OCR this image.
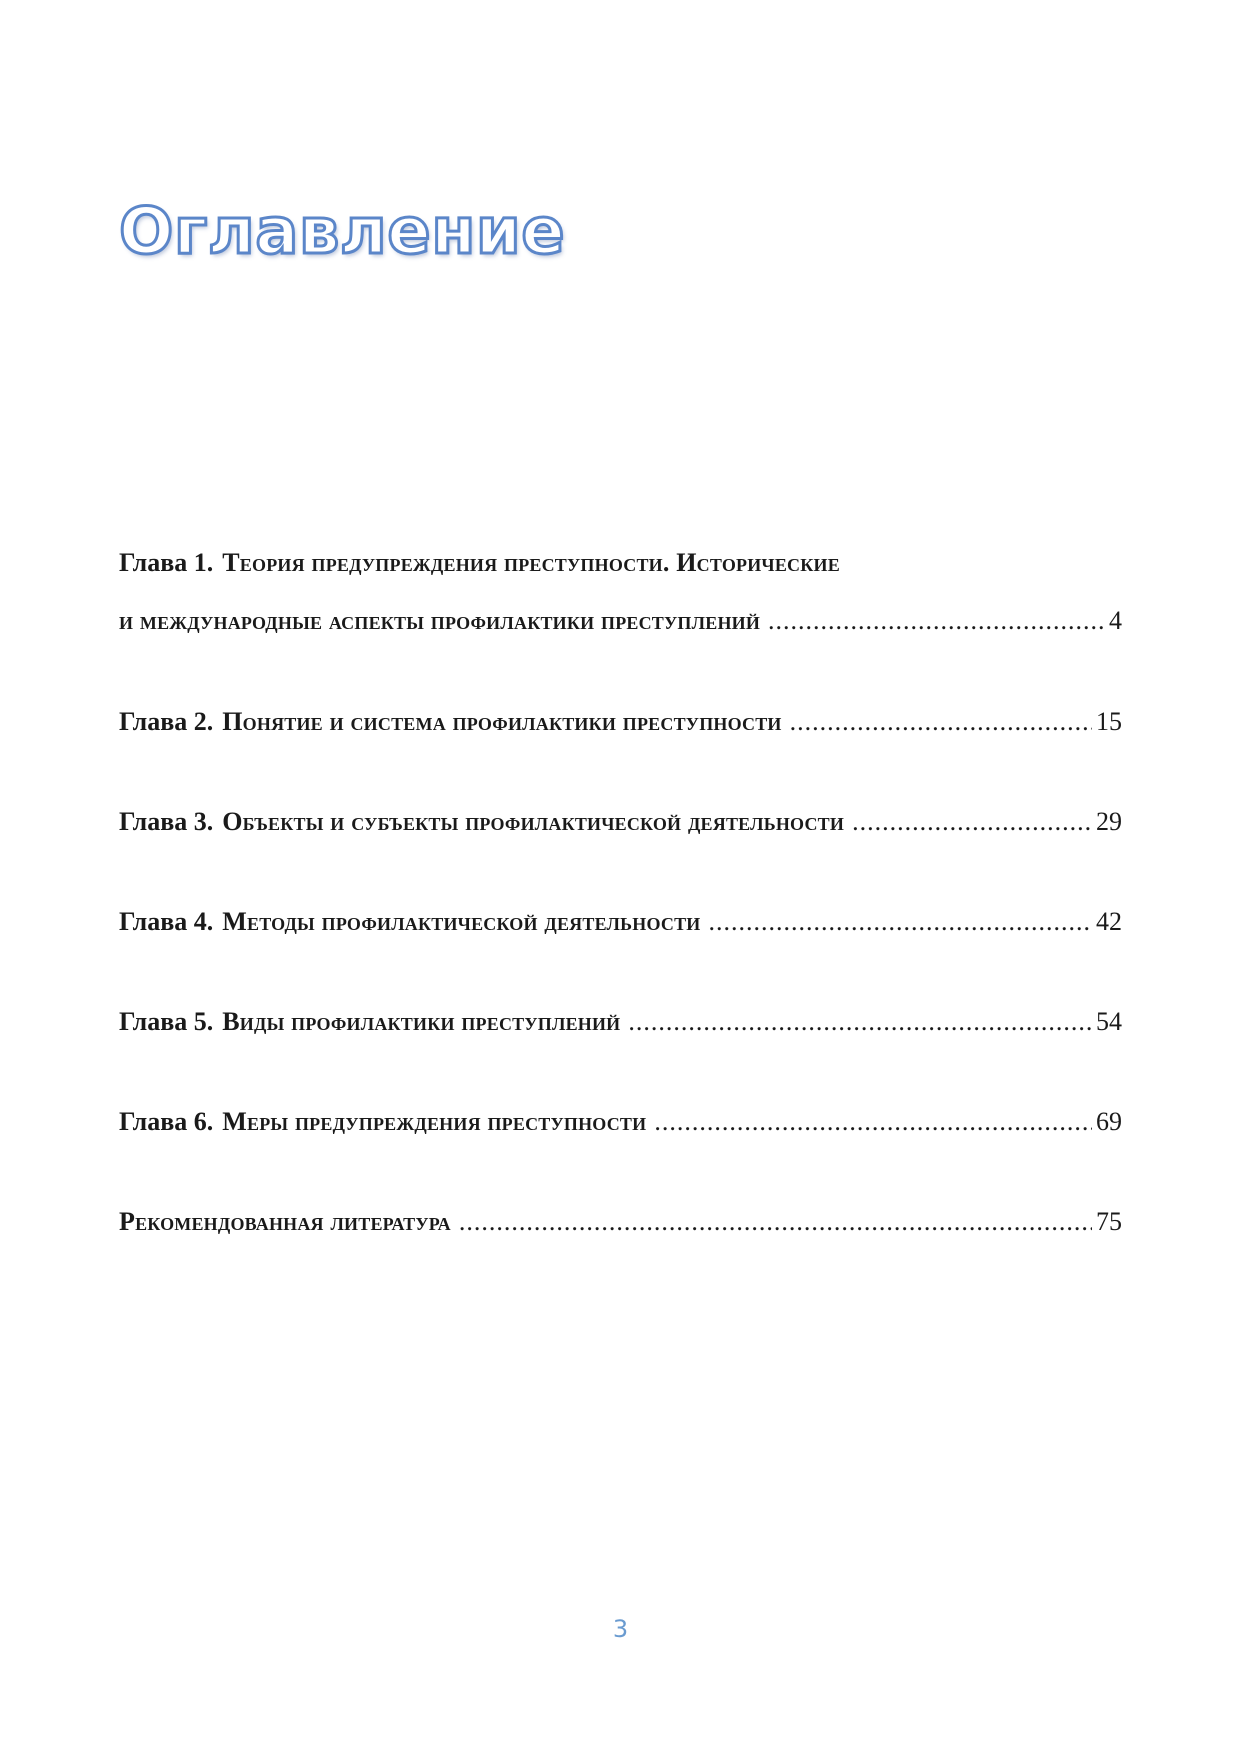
Оглавление
Глава 1. Теория предупреждения преступности. Исторические
и международные аспекты профилактики преступлений .....	4
Глава 2. Понятие и система профилактики преступности .....	15
Глава 3. Объекты и субъекты профилактической деятельности .....	29
Глава 4. Методы профилактической деятельности .....	42
Глава 5. Виды профилактики преступлений .....	54
Глава 6. Меры предупреждения преступности .....	69
Рекомендованная литература .....	75
3
